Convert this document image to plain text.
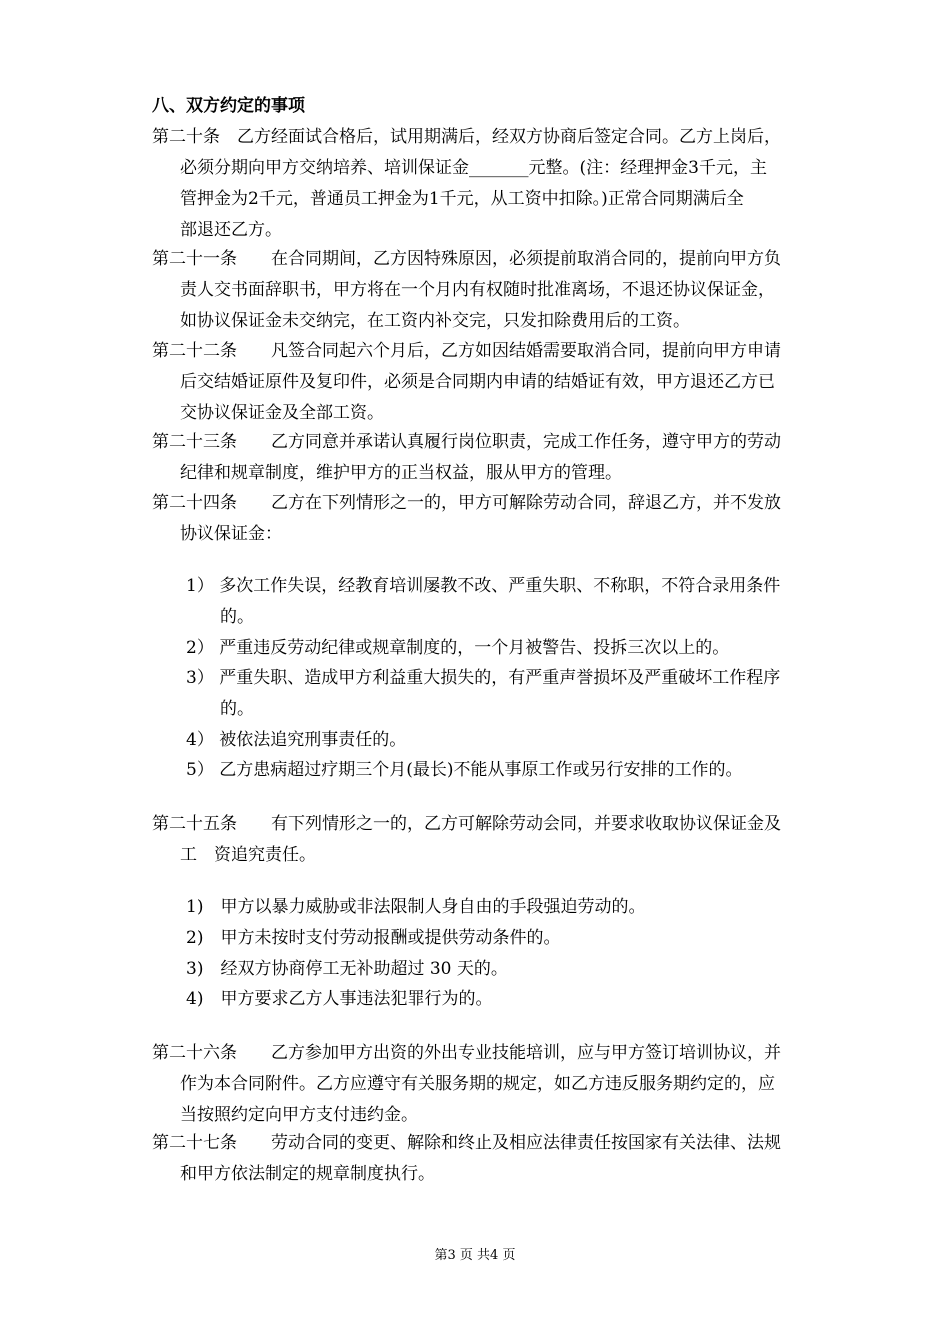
八、双方约定的事项
第二十条　乙方经面试合格后，试用期满后，经双方协商后签定合同。乙方上岗后，
必须分期向甲方交纳培养、培训保证金_______元整。(注：经理押金3千元，主
管押金为2千元，普通员工押金为1千元，从工资中扣除。)正常合同期满后全
部退还乙方。
第二十一条　　在合同期间，乙方因特殊原因，必须提前取消合同的，提前向甲方负
责人交书面辞职书，甲方将在一个月内有权随时批准离场，不退还协议保证金，
如协议保证金未交纳完，在工资内补交完，只发扣除费用后的工资。
第二十二条　　凡签合同起六个月后，乙方如因结婚需要取消合同，提前向甲方申请
后交结婚证原件及复印件，必须是合同期内申请的结婚证有效，甲方退还乙方已
交协议保证金及全部工资。
第二十三条　　乙方同意并承诺认真履行岗位职责，完成工作任务，遵守甲方的劳动
纪律和规章制度，维护甲方的正当权益，服从甲方的管理。
第二十四条　　乙方在下列情形之一的，甲方可解除劳动合同，辞退乙方，并不发放
协议保证金：
1） 多次工作失误，经教育培训屡教不改、严重失职、不称职，不符合录用条件
的。
2） 严重违反劳动纪律或规章制度的，一个月被警告、投拆三次以上的。
3） 严重失职、造成甲方利益重大损失的，有严重声誉损坏及严重破坏工作程序
的。
4） 被依法追究刑事责任的。
5） 乙方患病超过疗期三个月(最长)不能从事原工作或另行安排的工作的。
第二十五条　　有下列情形之一的，乙方可解除劳动会同，并要求收取协议保证金及
工　资追究责任。
1)　甲方以暴力威胁或非法限制人身自由的手段强迫劳动的。
2)　甲方未按时支付劳动报酬或提供劳动条件的。
3)　经双方协商停工无补助超过 30 天的。
4)　甲方要求乙方人事违法犯罪行为的。
第二十六条　　乙方参加甲方出资的外出专业技能培训，应与甲方签订培训协议，并
作为本合同附件。乙方应遵守有关服务期的规定，如乙方违反服务期约定的，应
当按照约定向甲方支付违约金。
第二十七条　　劳动合同的变更、解除和终止及相应法律责任按国家有关法律、法规
和甲方依法制定的规章制度执行。
第3 页 共4 页
